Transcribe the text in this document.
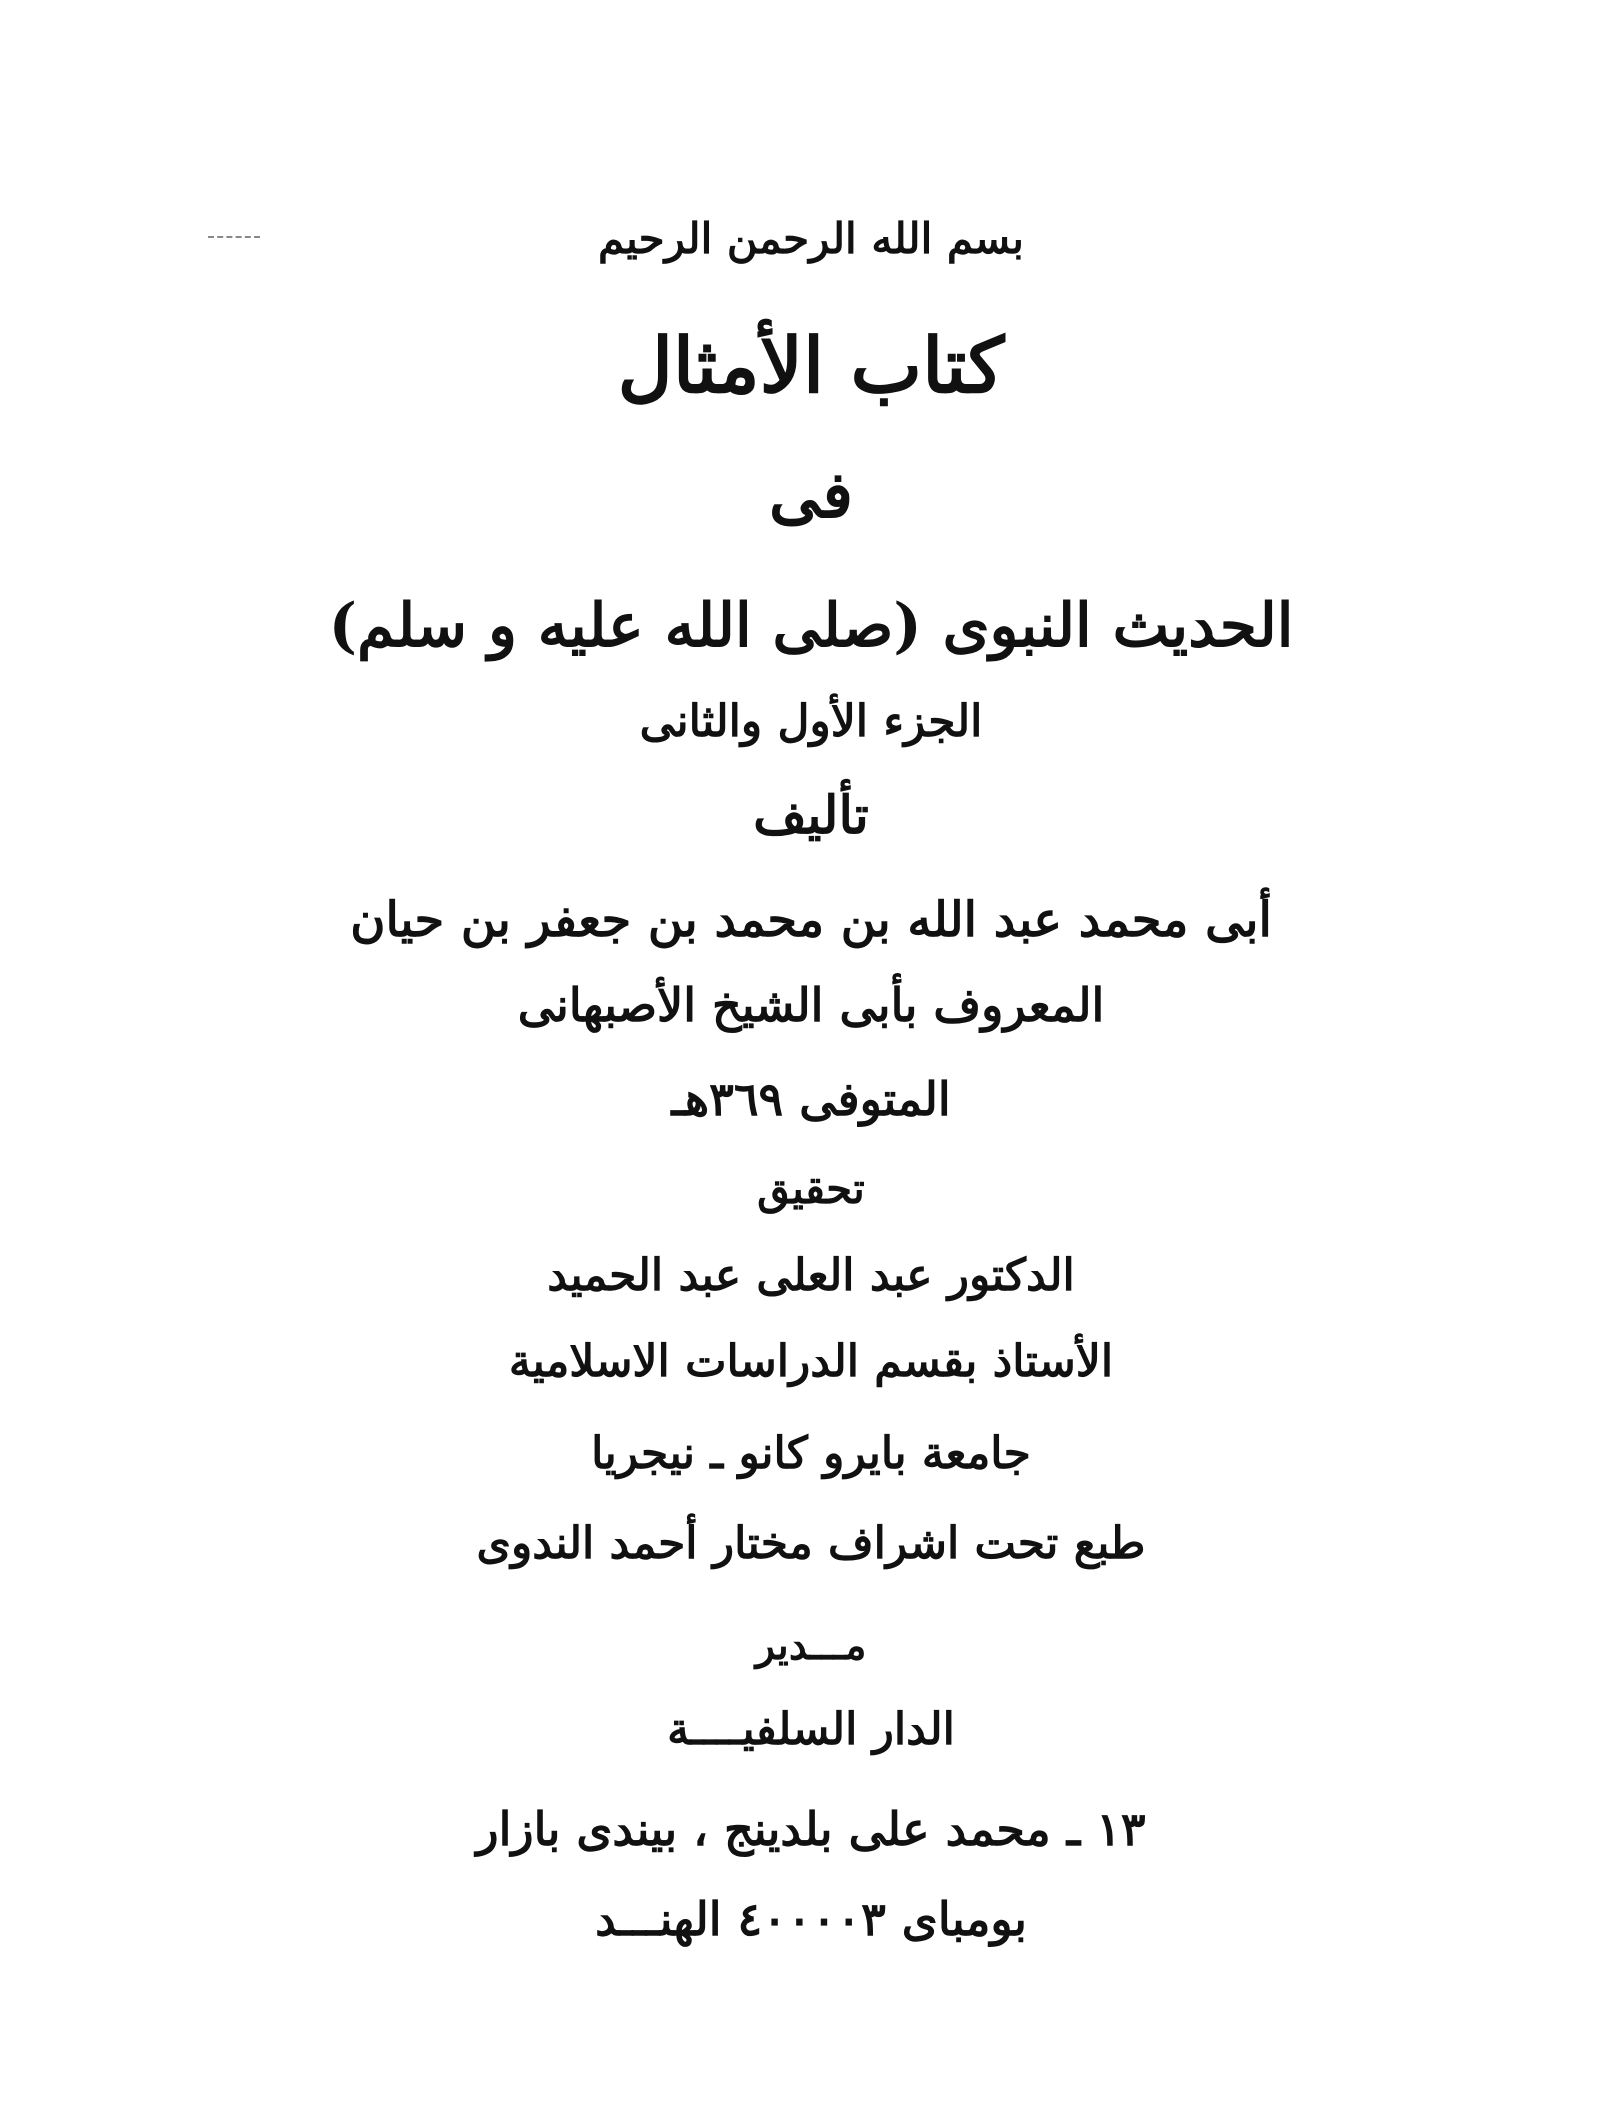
بسم الله الرحمن الرحيم
كتاب الأمثال
فى
الحديث النبوى (صلى الله عليه و سلم)
الجزء الأول والثانى
تأليف
أبى محمد عبد الله بن محمد بن جعفر بن حيان
المعروف بأبى الشيخ الأصبهانى
المتوفى ٣٦٩هـ
تحقيق
الدكتور عبد العلى عبد الحميد
الأستاذ بقسم الدراسات الاسلامية
جامعة بايرو كانو ـ نيجريا
طبع تحت اشراف مختار أحمد الندوى
مـــدير
الدار السلفيــــة
١٣ ـ محمد على بلدينج ، بيندى بازار
بومباى ٤٠٠٠٠٣ الهنـــد
